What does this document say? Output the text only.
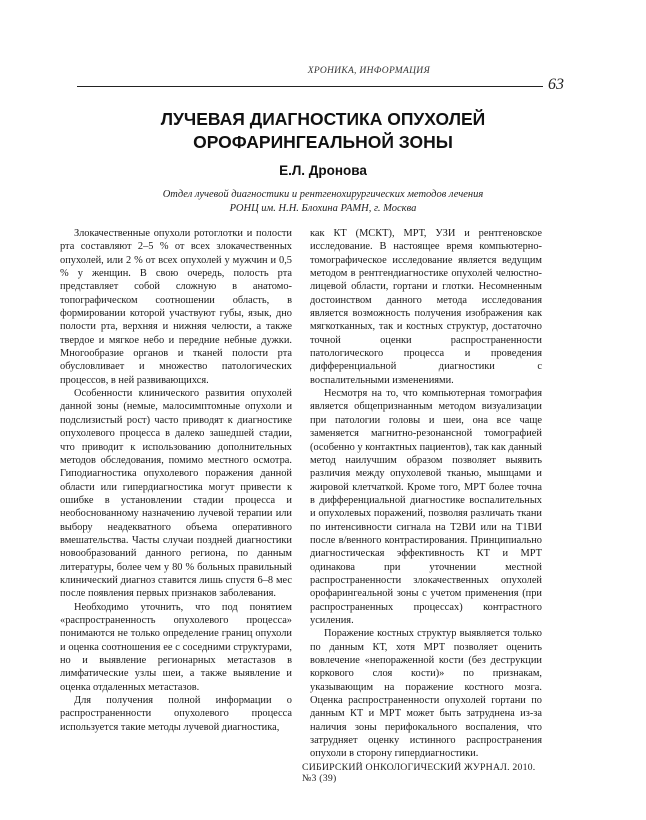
ХРОНИКА, ИНФОРМАЦИЯ
63
ЛУЧЕВАЯ ДИАГНОСТИКА ОПУХОЛЕЙ
ОРОФАРИНГЕАЛЬНОЙ ЗОНЫ
Е.Л. Дронова
Отдел лучевой диагностики и рентгенохирургических методов лечения
РОНЦ им. Н.Н. Блохина РАМН, г. Москва

Злокачественные опухоли ротоглотки и полости рта составляют 2–5 % от всех злокачественных опухолей, или 2 % от всех опухолей у мужчин и 0,5 % у женщин. В свою очередь, полость рта представляет собой сложную в анатомо-топографическом соотношении область, в формировании которой участвуют губы, язык, дно полости рта, верхняя и нижняя челюсти, а также твердое и мягкое небо и передние небные дужки. Многообразие органов и тканей полости рта обусловливает и множество патологических процессов, в ней развивающихся.

Особенности клинического развития опухолей данной зоны (немые, малосимптомные опухоли и подслизистый рост) часто приводят к диагностике опухолевого процесса в далеко зашедшей стадии, что приводит к использованию дополнительных методов обследования, помимо местного осмотра. Гиподиагностика опухолевого поражения данной области или гипердиагностика могут привести к ошибке в установлении стадии процесса и необоснованному назначению лучевой терапии или выбору неадекватного объема оперативного вмешательства. Часты случаи поздней диагностики новообразований данного региона, по данным литературы, более чем у 80 % больных правильный клинический диагноз ставится лишь спустя 6–8 мес после появления первых признаков заболевания.

Необходимо уточнить, что под понятием «распространенность опухолевого процесса» понимаются не только определение границ опухоли и оценка соотношения ее с соседними структурами, но и выявление регионарных метастазов в лимфатические узлы шеи, а также выявление и оценка отдаленных метастазов.

Для получения полной информации о распространенности опухолевого процесса используется такие методы лучевой диагностика,

как КТ (МСКТ), МРТ, УЗИ и рентгеновское исследование. В настоящее время компьютерно-томографическое исследование является ведущим методом в рентгендиагностике опухолей челюстно-лицевой области, гортани и глотки. Несомненным достоинством данного метода исследования является возможность получения изображения как мягкотканных, так и костных структур, достаточно точной оценки распространенности патологического процесса и проведения дифференциальной диагностики с воспалительными изменениями.

Несмотря на то, что компьютерная томография является общепризнанным методом визуализации при патологии головы и шеи, она все чаще заменяется магнитно-резонансной томографией (особенно у контактных пациентов), так как данный метод наилучшим образом позволяет выявить различия между опухолевой тканью, мышцами и жировой клетчаткой. Кроме того, МРТ более точна в дифференциальной диагностике воспалительных и опухолевых поражений, позволяя различать ткани по интенсивности сигнала на Т2ВИ или на Т1ВИ после в/венного контрастирования. Принципиально диагностическая эффективность КТ и МРТ одинакова при уточнении местной распространенности злокачественных опухолей орофарингеальной зоны с учетом применения (при распространенных процессах) контрастного усиления.

Поражение костных структур выявляется только по данным КТ, хотя МРТ позволяет оценить вовлечение «непораженной кости (без деструкции коркового слоя кости)» по признакам, указывающим на поражение костного мозга. Оценка распространенности опухолей гортани по данным КТ и МРТ может быть затруднена из-за наличия зоны перифокального воспаления, что затрудняет оценку истинного распространения опухоли в сторону гипердиагностики.

СИБИРСКИЙ ОНКОЛОГИЧЕСКИЙ ЖУРНАЛ. 2010. №3 (39)
